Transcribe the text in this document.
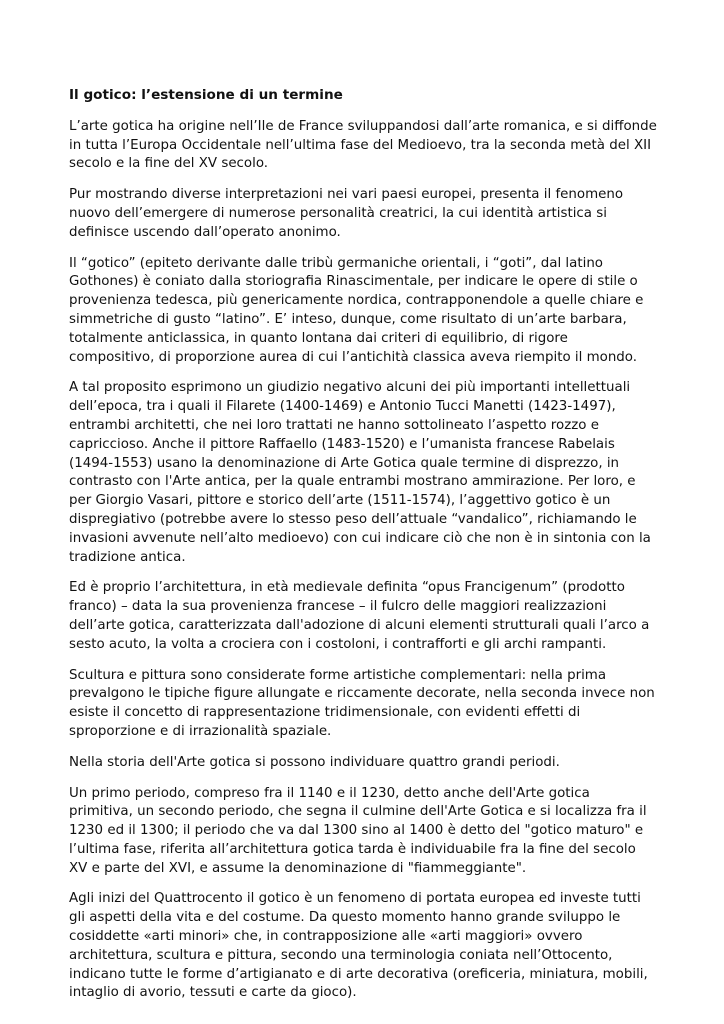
Il gotico: l’estensione di un termine

L’arte gotica ha origine nell’Ile de France sviluppandosi dall’arte romanica, e si diffonde in tutta l’Europa Occidentale nell’ultima fase del Medioevo, tra la seconda metà del XII secolo e la fine del XV secolo.

Pur mostrando diverse interpretazioni nei vari paesi europei, presenta il fenomeno nuovo dell’emergere di numerose personalità creatrici, la cui identità artistica si definisce uscendo dall’operato anonimo.

Il “gotico” (epiteto derivante dalle tribù germaniche orientali, i “goti”, dal latino Gothones) è coniato dalla storiografia Rinascimentale, per indicare le opere di stile o provenienza tedesca, più genericamente nordica, contrapponendole a quelle chiare e simmetriche di gusto “latino”. E’ inteso, dunque, come risultato di un’arte barbara, totalmente anticlassica, in quanto lontana dai criteri di equilibrio, di rigore compositivo, di proporzione aurea di cui l’antichità classica aveva riempito il mondo.

A tal proposito esprimono un giudizio negativo alcuni dei più importanti intellettuali dell’epoca, tra i quali il Filarete (1400-1469) e Antonio Tucci Manetti (1423-1497), entrambi architetti, che nei loro trattati ne hanno sottolineato l’aspetto rozzo e capriccioso. Anche il pittore Raffaello (1483-1520) e l’umanista francese Rabelais (1494-1553) usano la denominazione di Arte Gotica quale termine di disprezzo, in contrasto con l'Arte antica, per la quale entrambi mostrano ammirazione. Per loro, e per Giorgio Vasari, pittore e storico dell’arte (1511-1574), l’aggettivo gotico è un dispregiativo (potrebbe avere lo stesso peso dell’attuale “vandalico”, richiamando le invasioni avvenute nell’alto medioevo) con cui indicare ciò che non è in sintonia con la tradizione antica.

Ed è proprio l’architettura, in età medievale definita “opus Francigenum” (prodotto franco) – data la sua provenienza francese – il fulcro delle maggiori realizzazioni dell’arte gotica, caratterizzata dall'adozione di alcuni elementi strutturali quali l’arco a sesto acuto, la volta a crociera con i costoloni, i contrafforti e gli archi rampanti.

Scultura e pittura sono considerate forme artistiche complementari: nella prima prevalgono le tipiche figure allungate e riccamente decorate, nella seconda invece non esiste il concetto di rappresentazione tridimensionale, con evidenti effetti di sproporzione e di irrazionalità spaziale.

Nella storia dell'Arte gotica si possono individuare quattro grandi periodi.

Un primo periodo, compreso fra il 1140 e il 1230, detto anche dell'Arte gotica primitiva, un secondo periodo, che segna il culmine dell'Arte Gotica e si localizza fra il 1230 ed il 1300; il periodo che va dal 1300 sino al 1400 è detto del "gotico maturo" e l’ultima fase, riferita all’architettura gotica tarda è individuabile fra la fine del secolo XV e parte del XVI, e assume la denominazione di "fiammeggiante".

Agli inizi del Quattrocento il gotico è un fenomeno di portata europea ed investe tutti gli aspetti della vita e del costume. Da questo momento hanno grande sviluppo le cosiddette «arti minori» che, in contrapposizione alle «arti maggiori» ovvero architettura, scultura e pittura, secondo una terminologia coniata nell’Ottocento, indicano tutte le forme d’artigianato e di arte decorativa (oreficeria, miniatura, mobili, intaglio di avorio, tessuti e carte da gioco).
